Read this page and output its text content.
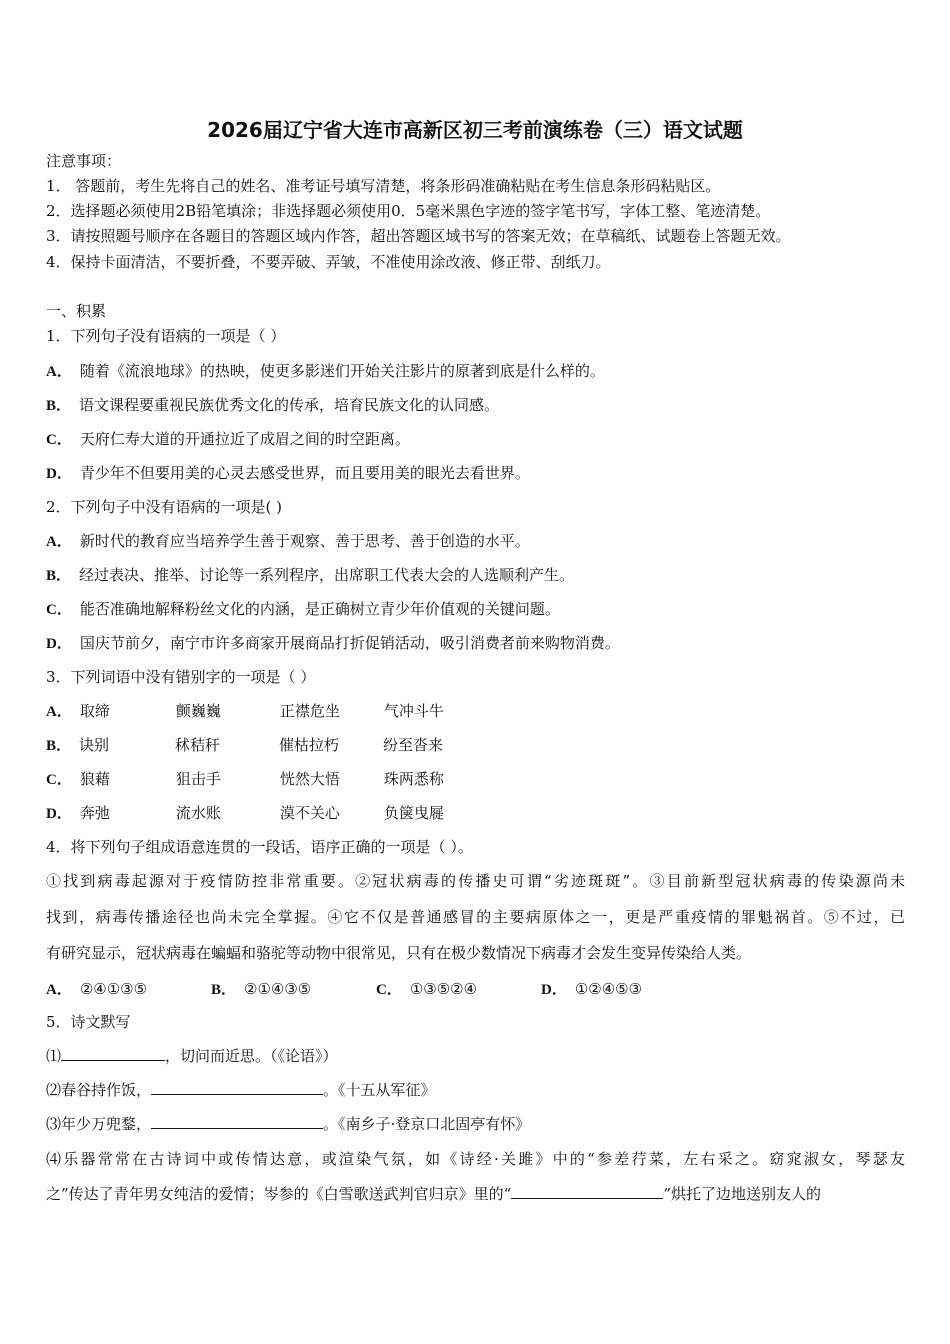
2026届辽宁省大连市高新区初三考前演练卷（三）语文试题
注意事项：
1． 答题前，考生先将自己的姓名、准考证号填写清楚，将条形码准确粘贴在考生信息条形码粘贴区。
2．选择题必须使用2B铅笔填涂；非选择题必须使用0．5毫米黑色字迹的签字笔书写，字体工整、笔迹清楚。
3．请按照题号顺序在各题目的答题区域内作答，超出答题区域书写的答案无效；在草稿纸、试题卷上答题无效。
4．保持卡面清洁，不要折叠，不要弄破、弄皱，不准使用涂改液、修正带、刮纸刀。
一、积累
1．下列句子没有语病的一项是（ ）
A． 随着《流浪地球》的热映，使更多影迷们开始关注影片的原著到底是什么样的。
B． 语文课程要重视民族优秀文化的传承，培育民族文化的认同感。
C． 天府仁寿大道的开通拉近了成眉之间的时空距离。
D． 青少年不但要用美的心灵去感受世界，而且要用美的眼光去看世界。
2．下列句子中没有语病的一项是( )
A． 新时代的教育应当培养学生善于观察、善于思考、善于创造的水平。
B． 经过表决、推举、讨论等一系列程序，出席职工代表大会的人选顺利产生。
C． 能否准确地解释粉丝文化的内涵，是正确树立青少年价值观的关键问题。
D． 国庆节前夕，南宁市许多商家开展商品打折促销活动，吸引消费者前来购物消费。
3．下列词语中没有错别字的一项是（ ）
A． 取缔	颤巍巍	正襟危坐	气冲斗牛
B． 诀别	秫秸秆	催枯拉朽	纷至沓来
C． 狼藉	狙击手	恍然大悟	珠两悉称
D． 奔弛	流水账	漠不关心	负箧曳屣
4．将下列句子组成语意连贯的一段话，语序正确的一项是（ ）。
①找到病毒起源对于疫情防控非常重要。②冠状病毒的传播史可谓“劣迹斑斑”。③目前新型冠状病毒的传染源尚未
找到，病毒传播途径也尚未完全掌握。④它不仅是普通感冒的主要病原体之一，更是严重疫情的罪魁祸首。⑤不过，已
有研究显示，冠状病毒在蝙蝠和骆驼等动物中很常见，只有在极少数情况下病毒才会发生变异传染给人类。
A． ②④①③⑤	B． ②①④③⑤	C． ①③⑤②④	D． ①②④⑤③
5．诗文默写
⑴	，切问而近思。（《论语》）
⑵春谷持作饭，	。《十五从军征》
⑶年少万兜鍪，	。《南乡子·登京口北固亭有怀》
⑷乐器常常在古诗词中或传情达意，或渲染气氛，如《诗经·关雎》中的“参差荇菜，左右采之。窈窕淑女，琴瑟友
之”传达了青年男女纯洁的爱情；岑参的《白雪歌送武判官归京》里的“	”烘托了边地送别友人的
